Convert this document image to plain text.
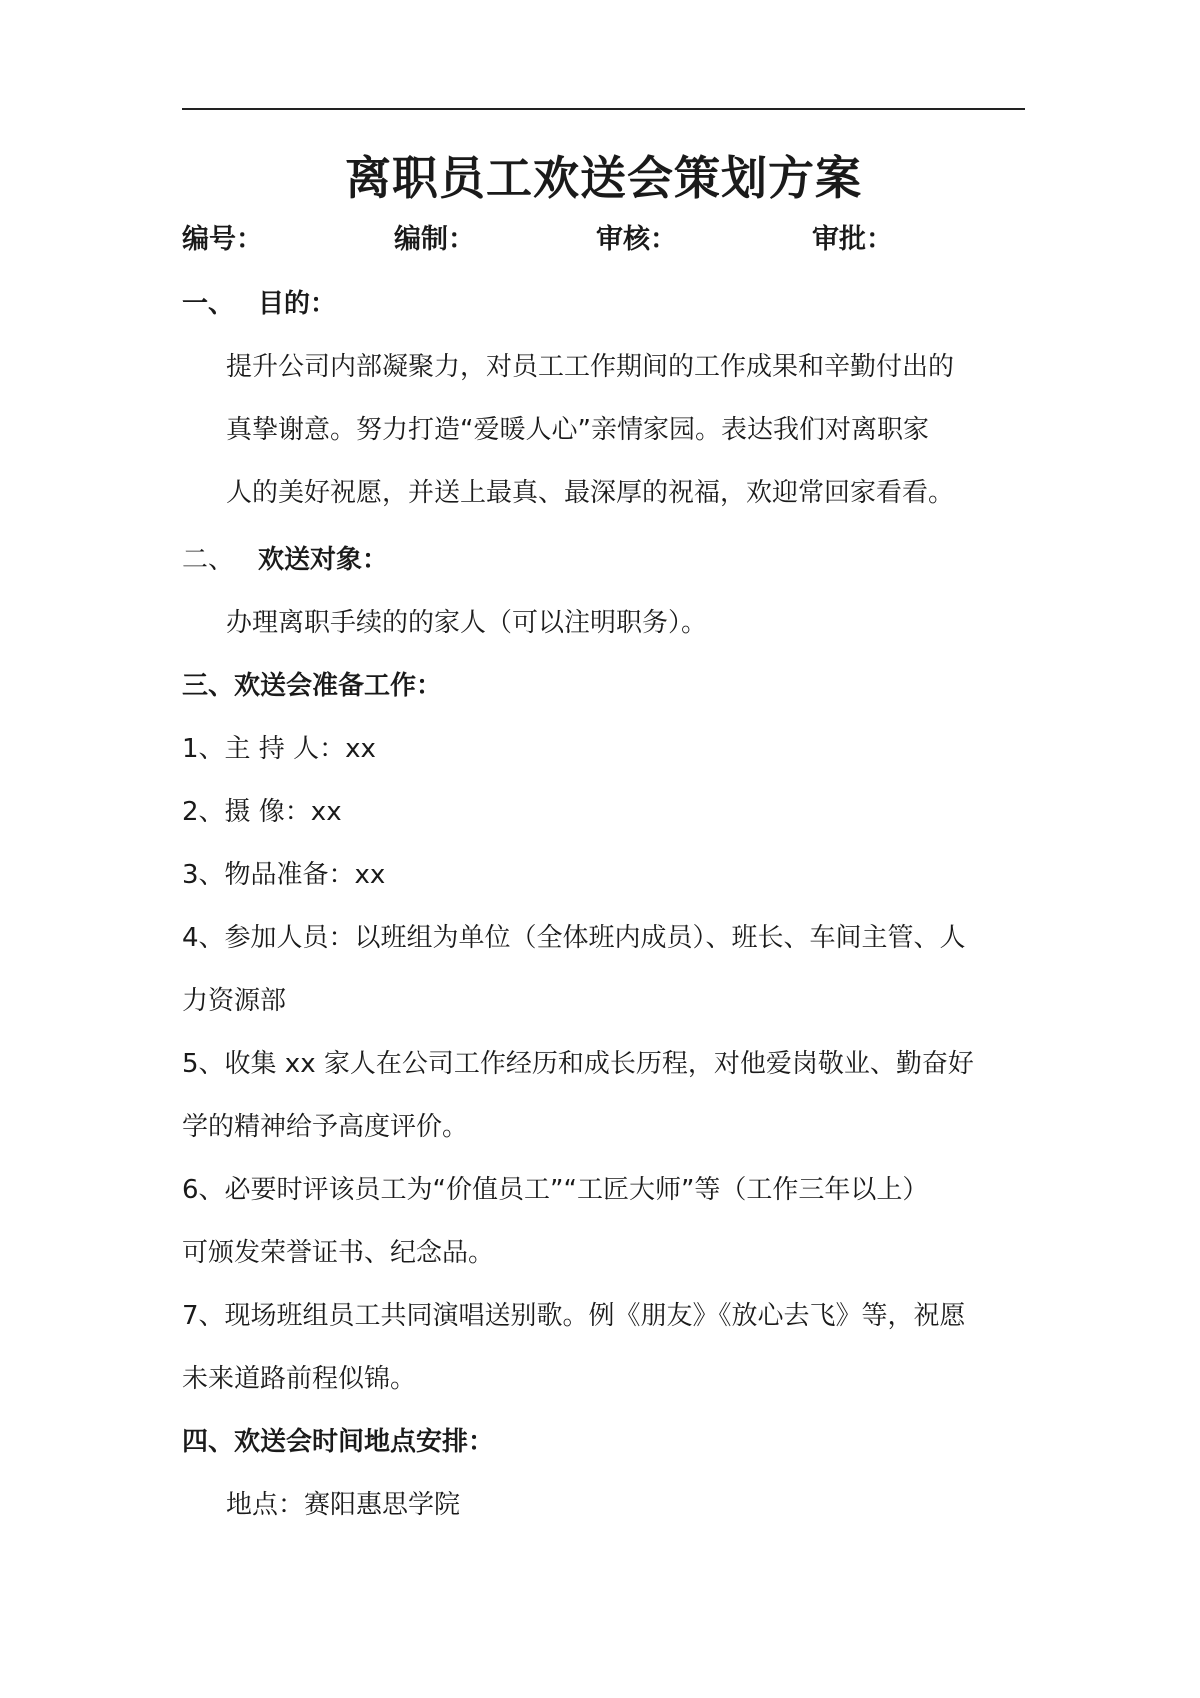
离职员工欢送会策划方案
编号：	编制：	审核：	审批：
一、 目的：
提升公司内部凝聚力，对员工工作期间的工作成果和辛勤付出的
真挚谢意。努力打造“爱暖人心”亲情家园。表达我们对离职家
人的美好祝愿，并送上最真、最深厚的祝福，欢迎常回家看看。
二、 欢送对象：
办理离职手续的的家人（可以注明职务）。
三、欢送会准备工作：
1、主 持 人：xx
2、摄 像：xx
3、物品准备：xx
4、参加人员：以班组为单位（全体班内成员）、班长、车间主管、人
力资源部
5、收集 xx 家人在公司工作经历和成长历程，对他爱岗敬业、勤奋好
学的精神给予高度评价。
6、必要时评该员工为“价值员工”“工匠大师”等（工作三年以上）
可颁发荣誉证书、纪念品。
7、现场班组员工共同演唱送别歌。例《朋友》《放心去飞》等，祝愿
未来道路前程似锦。
四、欢送会时间地点安排：
地点：赛阳惠思学院
